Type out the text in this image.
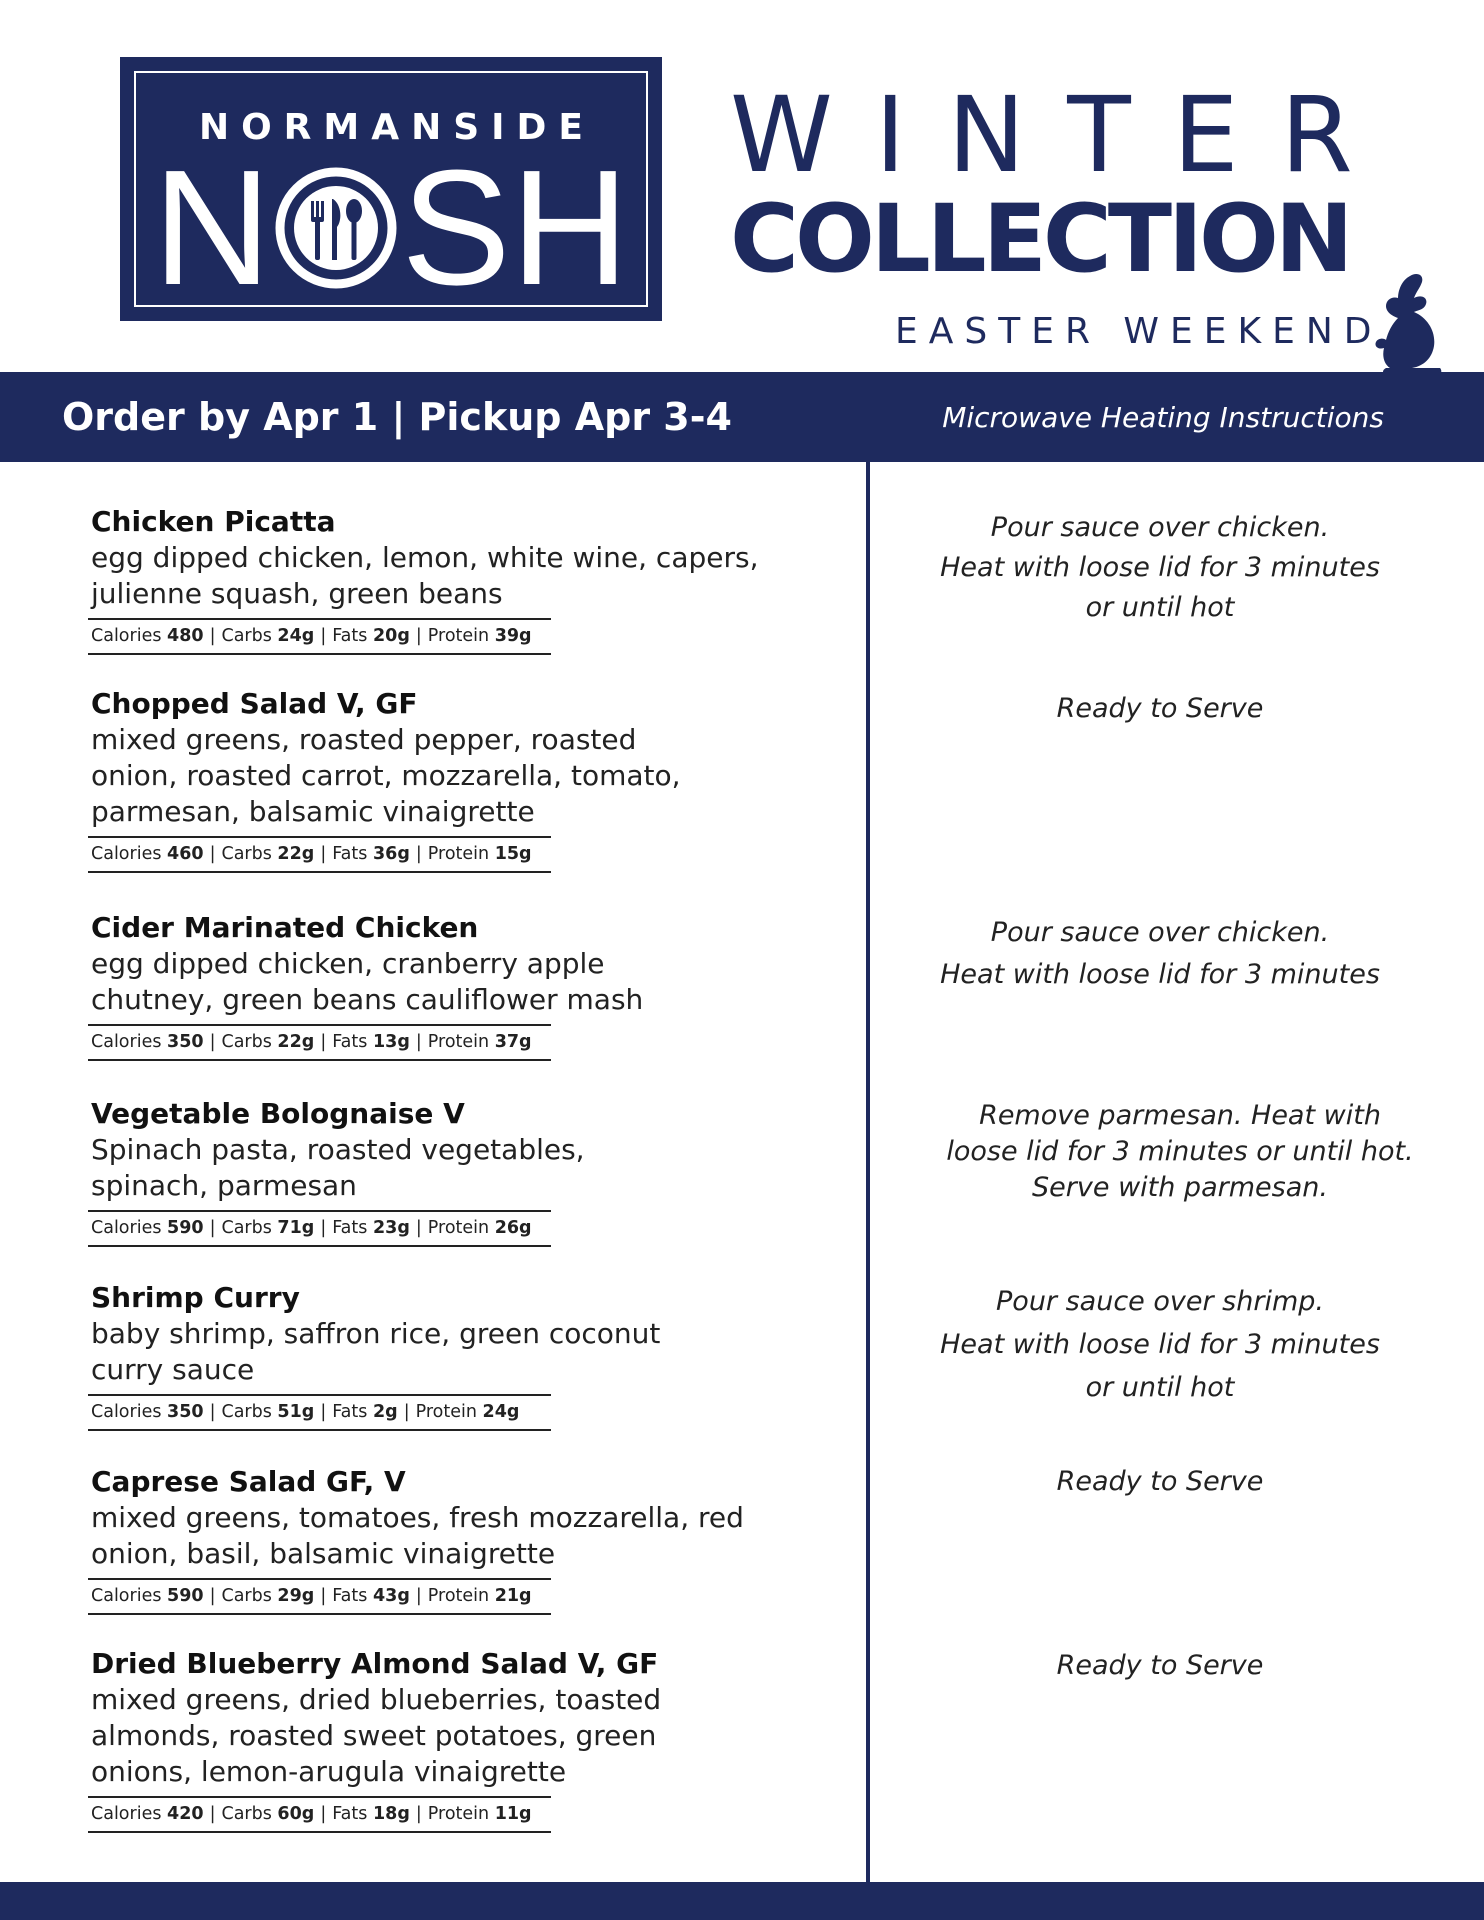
NORMANSIDE
N SH
WINTER
COLLECTION
EASTER WEEKEND
Order by Apr 1 | Pickup Apr 3-4	Microwave Heating Instructions
Chicken Picatta
egg dipped chicken, lemon, white wine, capers,
julienne squash, green beans
Calories 480 | Carbs 24g | Fats 20g | Protein 39g
Chopped Salad V, GF
mixed greens, roasted pepper, roasted
onion, roasted carrot, mozzarella, tomato,
parmesan, balsamic vinaigrette
Calories 460 | Carbs 22g | Fats 36g | Protein 15g
Cider Marinated Chicken
egg dipped chicken, cranberry apple
chutney, green beans cauliflower mash
Calories 350 | Carbs 22g | Fats 13g | Protein 37g
Vegetable Bolognaise V
Spinach pasta, roasted vegetables,
spinach, parmesan
Calories 590 | Carbs 71g | Fats 23g | Protein 26g
Shrimp Curry
baby shrimp, saffron rice, green coconut
curry sauce
Calories 350 | Carbs 51g | Fats 2g | Protein 24g
Caprese Salad GF, V
mixed greens, tomatoes, fresh mozzarella, red
onion, basil, balsamic vinaigrette
Calories 590 | Carbs 29g | Fats 43g | Protein 21g
Dried Blueberry Almond Salad V, GF
mixed greens, dried blueberries, toasted
almonds, roasted sweet potatoes, green
onions, lemon-arugula vinaigrette
Calories 420 | Carbs 60g | Fats 18g | Protein 11g
Pour sauce over chicken.
Heat with loose lid for 3 minutes
or until hot
Ready to Serve
Pour sauce over chicken.
Heat with loose lid for 3 minutes
Remove parmesan. Heat with
loose lid for 3 minutes or until hot.
Serve with parmesan.
Pour sauce over shrimp.
Heat with loose lid for 3 minutes
or until hot
Ready to Serve
Ready to Serve
